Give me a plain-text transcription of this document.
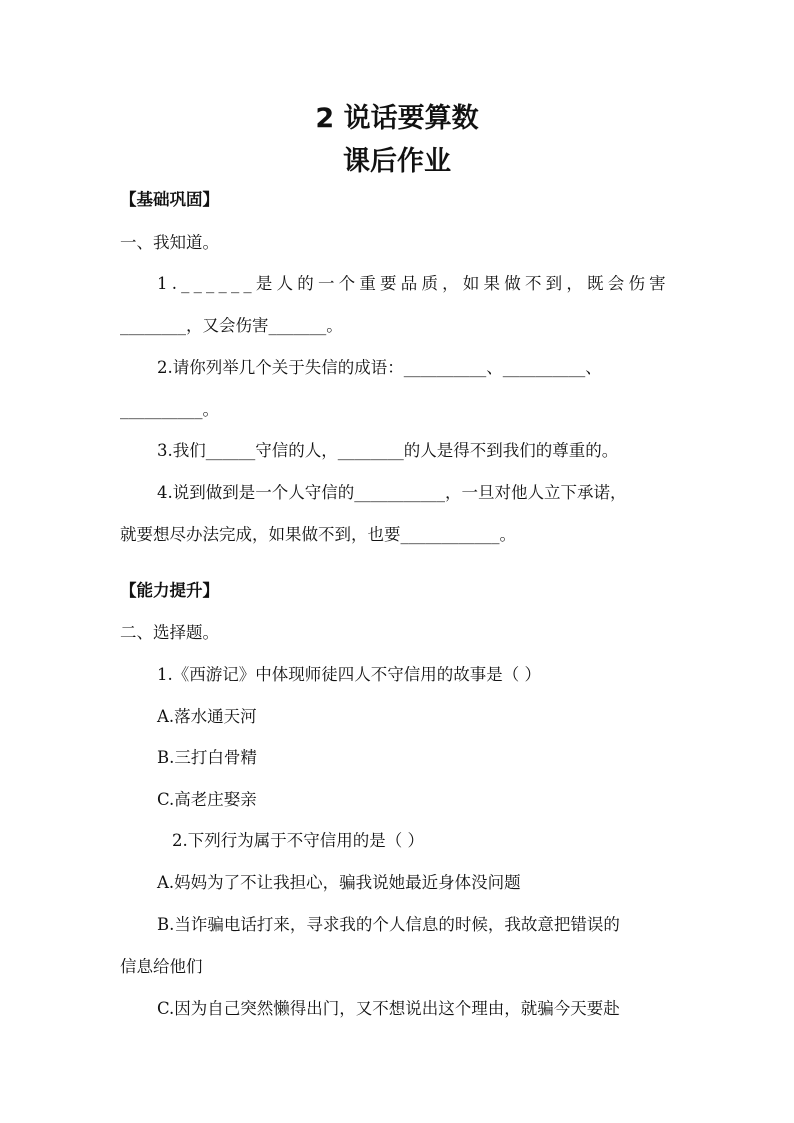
2 说话要算数
课后作业
【基础巩固】
一、我知道。
1.______是人的一个重要品质，如果做不到，既会伤害
________，又会伤害_______。
2.请你列举几个关于失信的成语：__________、__________、
__________。
3.我们______守信的人，________的人是得不到我们的尊重的。
4.说到做到是一个人守信的___________，一旦对他人立下承诺，
就要想尽办法完成，如果做不到，也要____________。
【能力提升】
二、选择题。
1.《西游记》中体现师徒四人不守信用的故事是（ ）
A.落水通天河
B.三打白骨精
C.高老庄娶亲
2.下列行为属于不守信用的是（ ）
A.妈妈为了不让我担心，骗我说她最近身体没问题
B.当诈骗电话打来，寻求我的个人信息的时候，我故意把错误的
信息给他们
C.因为自己突然懒得出门，又不想说出这个理由，就骗今天要赴
